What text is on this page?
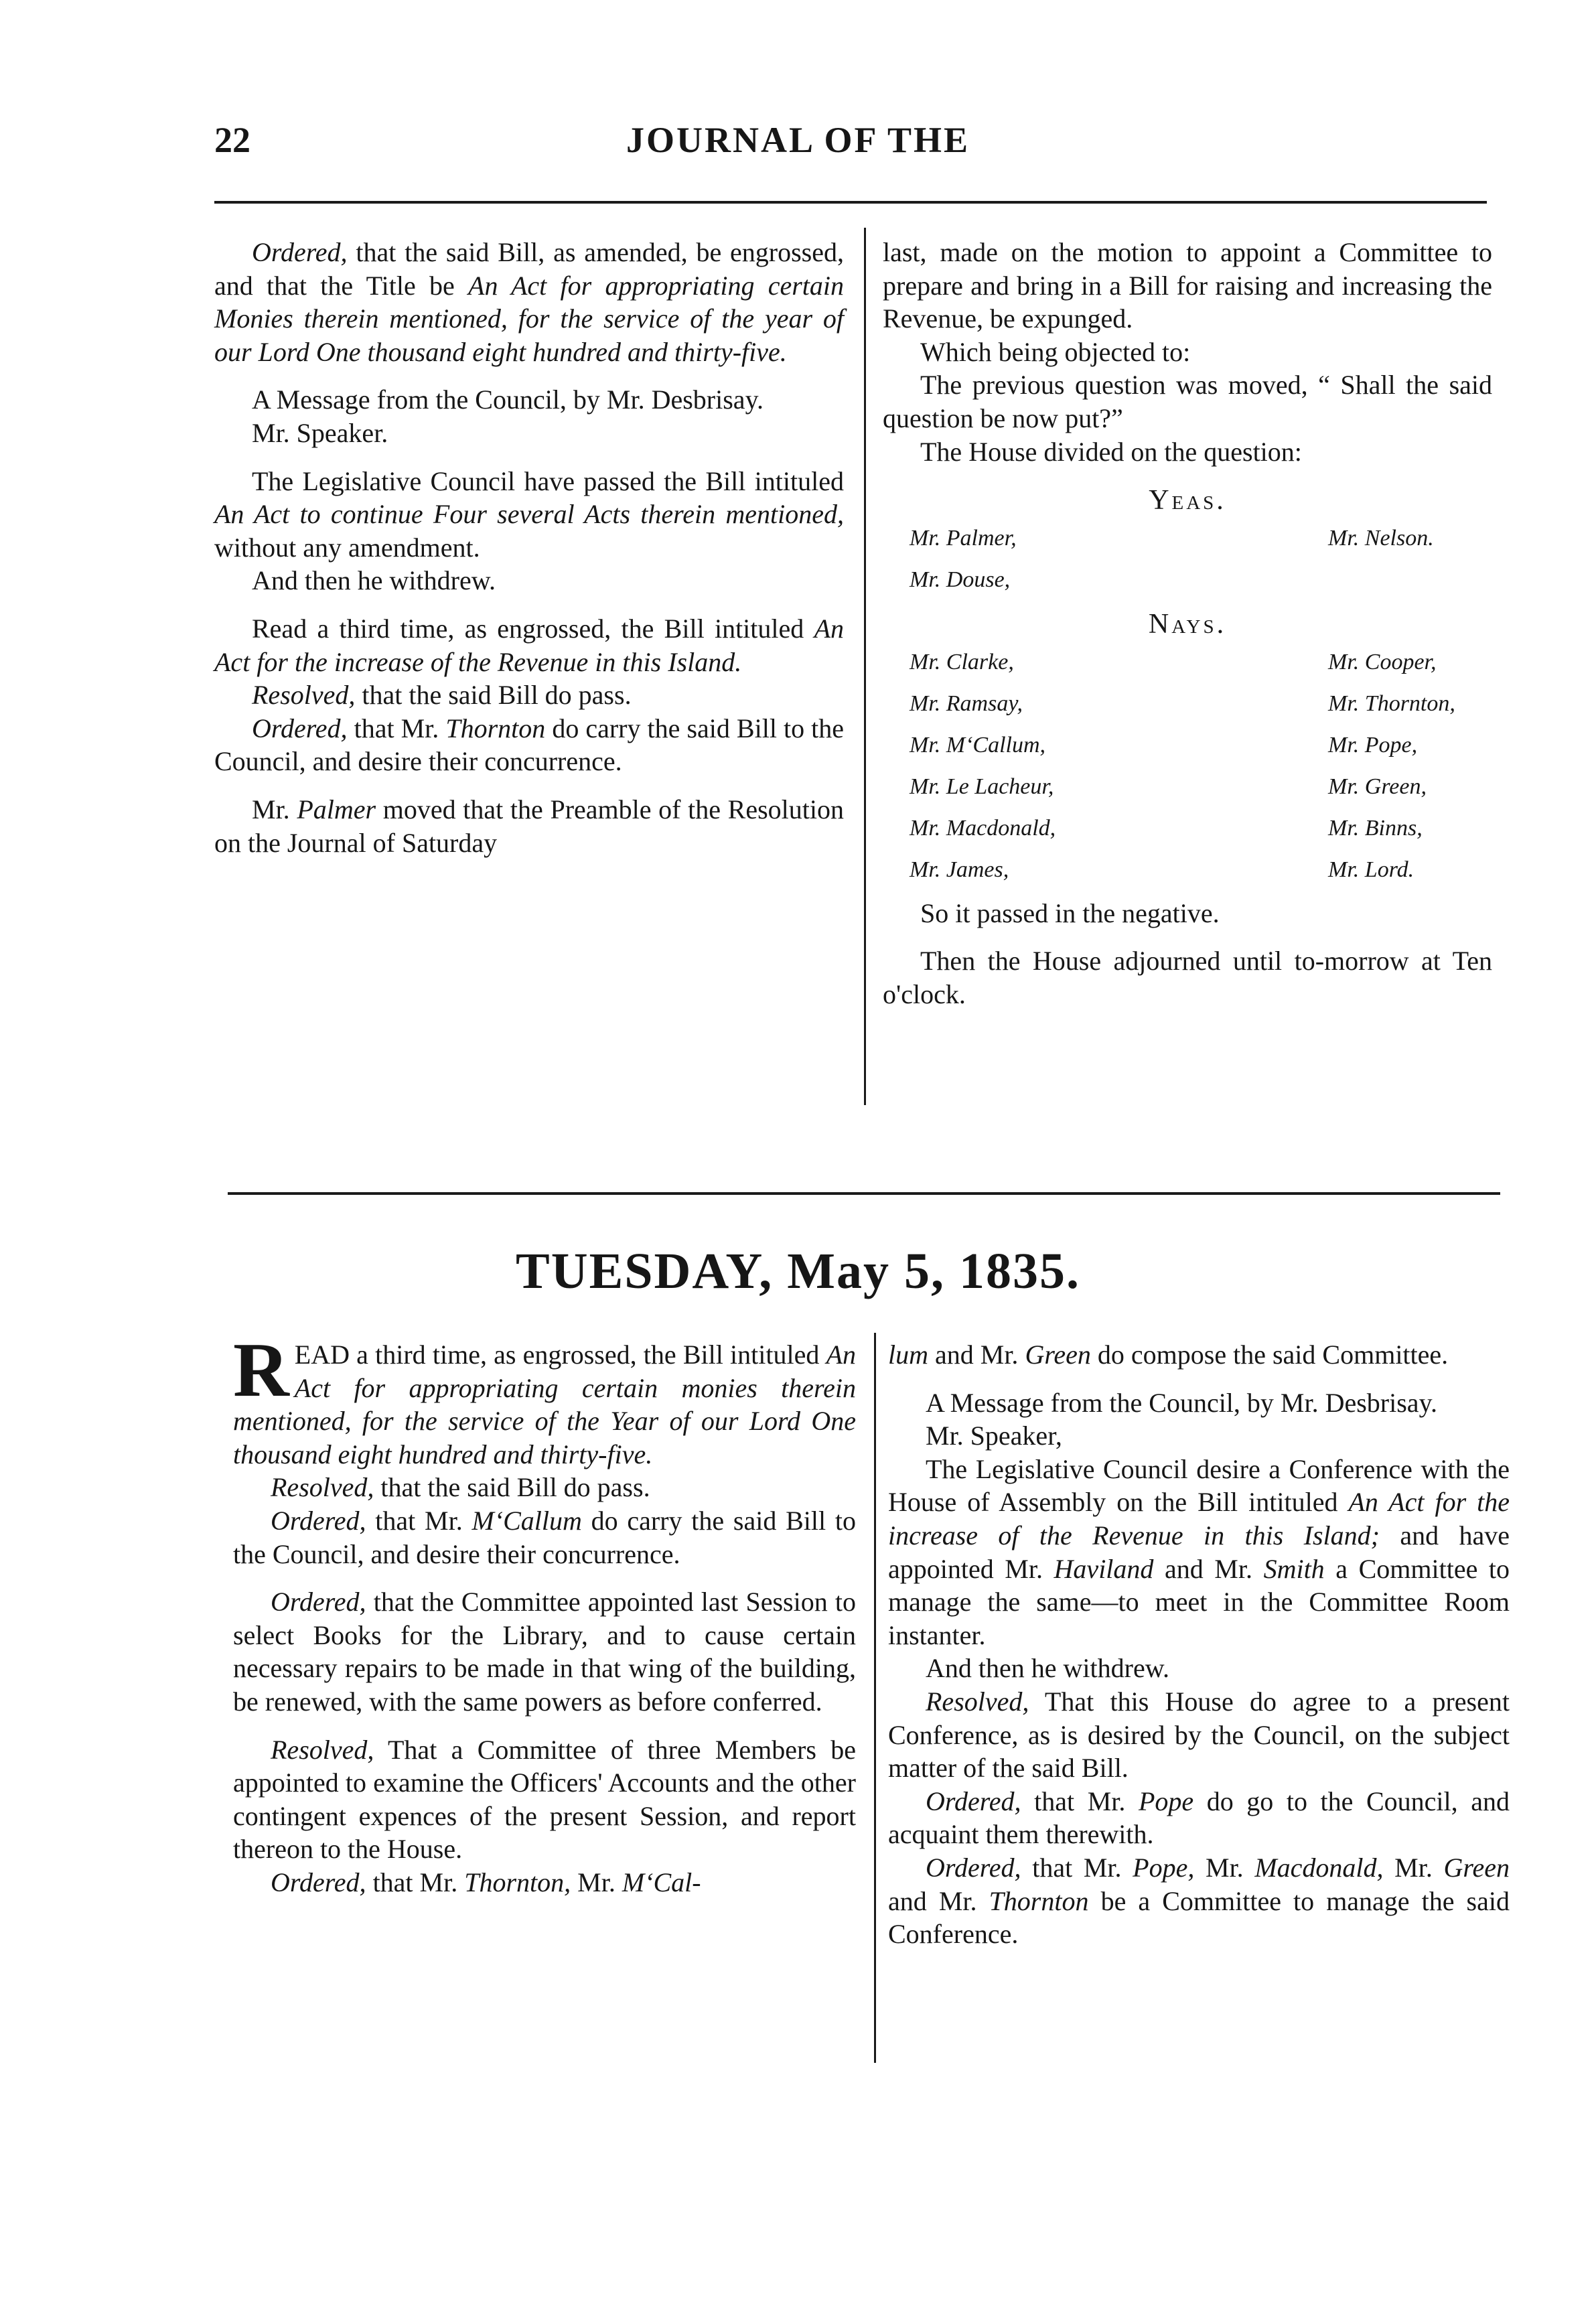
22	JOURNAL OF THE

Ordered, that the said Bill, as amended, be engrossed, and that the Title be An Act for appropriating certain Monies therein mentioned, for the service of the year of our Lord One thousand eight hundred and thirty-five.

A Message from the Council, by Mr. Desbrisay.

Mr. Speaker.

The Legislative Council have passed the Bill intituled An Act to continue Four several Acts therein mentioned, without any amendment.

And then he withdrew.

Read a third time, as engrossed, the Bill intituled An Act for the increase of the Revenue in this Island.

Resolved, that the said Bill do pass.

Ordered, that Mr. Thornton do carry the said Bill to the Council, and desire their concurrence.

Mr. Palmer moved that the Preamble of the Resolution on the Journal of Saturday

last, made on the motion to appoint a Committee to prepare and bring in a Bill for raising and increasing the Revenue, be expunged.

Which being objected to:

The previous question was moved, “ Shall the said question be now put?”

The House divided on the question:

Yeas.
Mr. Palmer,	Mr. Nelson.
Mr. Douse,
Nays.
Mr. Clarke,	Mr. Cooper,
Mr. Ramsay,	Mr. Thornton,
Mr. M‘Callum,	Mr. Pope,
Mr. Le Lacheur,	Mr. Green,
Mr. Macdonald,	Mr. Binns,
Mr. James,	Mr. Lord.

So it passed in the negative.

Then the House adjourned until to-morrow at Ten o'clock.

TUESDAY, May 5, 1835.

READ a third time, as engrossed, the Bill intituled An Act for appropriating certain monies therein mentioned, for the service of the Year of our Lord One thousand eight hundred and thirty-five.

Resolved, that the said Bill do pass.

Ordered, that Mr. M‘Callum do carry the said Bill to the Council, and desire their concurrence.

Ordered, that the Committee appointed last Session to select Books for the Library, and to cause certain necessary repairs to be made in that wing of the building, be renewed, with the same powers as before conferred.

Resolved, That a Committee of three Members be appointed to examine the Officers' Accounts and the other contingent expences of the present Session, and report thereon to the House.

Ordered, that Mr. Thornton, Mr. M‘Cal-

lum and Mr. Green do compose the said Committee.

A Message from the Council, by Mr. Desbrisay.

Mr. Speaker,

The Legislative Council desire a Conference with the House of Assembly on the Bill intituled An Act for the increase of the Revenue in this Island; and have appointed Mr. Haviland and Mr. Smith a Committee to manage the same—to meet in the Committee Room instanter.

And then he withdrew.

Resolved, That this House do agree to a present Conference, as is desired by the Council, on the subject matter of the said Bill.

Ordered, that Mr. Pope do go to the Council, and acquaint them therewith.

Ordered, that Mr. Pope, Mr. Macdonald, Mr. Green and Mr. Thornton be a Committee to manage the said Conference.
